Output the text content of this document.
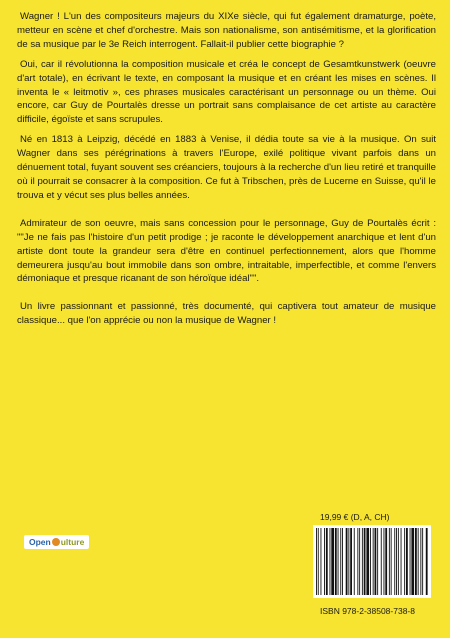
Wagner ! L'un des compositeurs majeurs du XIXe siècle, qui fut également dramaturge, poète, metteur en scène et chef d'orchestre. Mais son nationalisme, son antisémitisme, et la glorification de sa musique par le 3e Reich interrogent. Fallait-il publier cette biographie ?

Oui, car il révolutionna la composition musicale et créa le concept de Gesamtkunstwerk (oeuvre d'art totale), en écrivant le texte, en composant la musique et en créant les mises en scènes. Il inventa le « leitmotiv », ces phrases musicales caractérisant un personnage ou un thème. Oui encore, car Guy de Pourtalès dresse un portrait sans complaisance de cet artiste au caractère difficile, égoïste et sans scrupules.

Né en 1813 à Leipzig, décédé en 1883 à Venise, il dédia toute sa vie à la musique. On suit Wagner dans ses pérégrinations à travers l'Europe, exilé politique vivant parfois dans un dénuement total, fuyant souvent ses créanciers, toujours à la recherche d'un lieu retiré et tranquille où il pourrait se consacrer à la composition. Ce fut à Tribschen, près de Lucerne en Suisse, qu'il le trouva et y vécut ses plus belles années.

Admirateur de son oeuvre, mais sans concession pour le personnage, Guy de Pourtalès écrit : ""Je ne fais pas l'histoire d'un petit prodige ; je raconte le développement anarchique et lent d'un artiste dont toute la grandeur sera d'être en continuel perfectionnement, alors que l'homme demeurera jusqu'au bout immobile dans son ombre, intraitable, imperfectible, et comme l'envers démoniaque et presque ricanant de son héroïque idéal"".

Un livre passionnant et passionné, très documenté, qui captivera tout amateur de musique classique... que l'on apprécie ou non la musique de Wagner !

Open ulture
19,99 € (D, A, CH)
ISBN 978-2-38508-738-8
